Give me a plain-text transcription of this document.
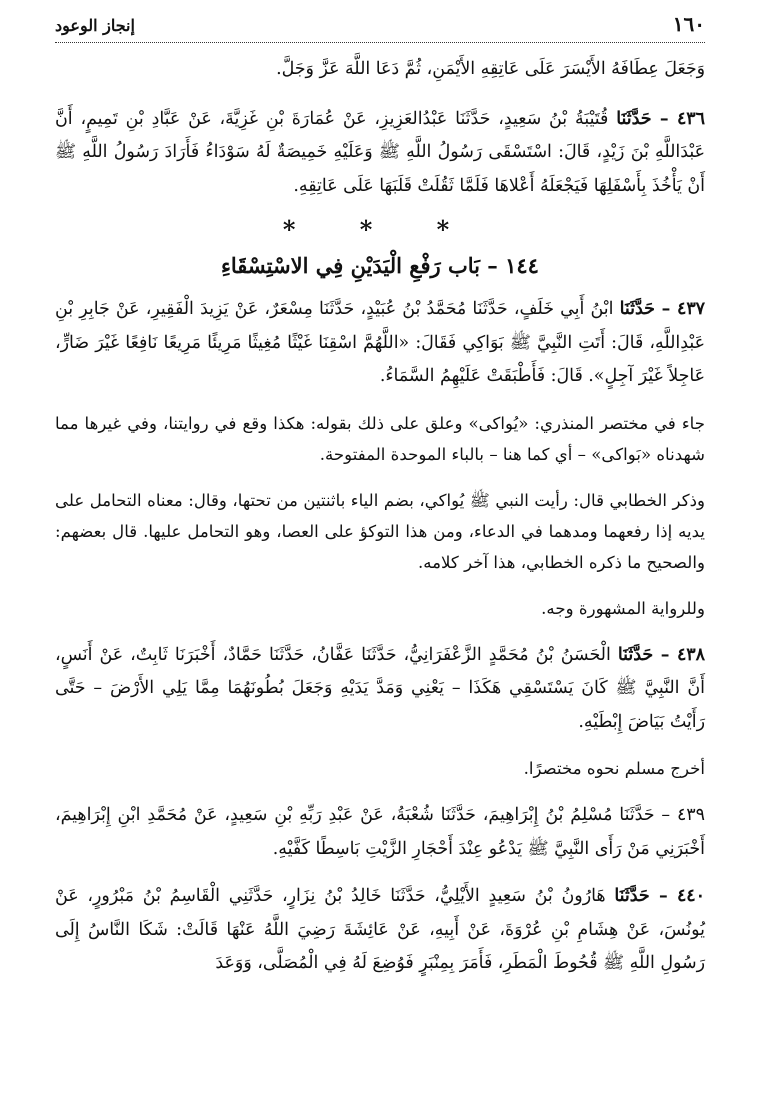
١٦٠
إنجاز الوعود

وَجَعَلَ عِطَافَهُ الأَيْسَرَ عَلَى عَاتِقِهِ الأَيْمَنِ، ثُمَّ دَعَا اللَّهَ عَزَّ وَجَلَّ.

٤٣٦ – حَدَّثَنَا قُتَيْبَةُ بْنُ سَعِيدٍ، حَدَّثَنَا عَبْدُالعَزِيزِ، عَنْ عُمَارَةَ بْنِ غَزِيَّةَ، عَنْ عَبَّادِ بْنِ تَمِيمٍ، أَنَّ عَبْدَاللَّهِ بْنَ زَيْدٍ، قَالَ: اسْتَسْقَى رَسُولُ اللَّهِ ﷺ وَعَلَيْهِ خَمِيصَةٌ لَهُ سَوْدَاءُ فَأَرَادَ رَسُولُ اللَّهِ ﷺ أَنْ يَأْخُذَ بِأَسْفَلِهَا فَيَجْعَلَهُ أَعْلاهَا فَلَمَّا ثَقُلَتْ قَلَبَهَا عَلَى عَاتِقِهِ.

* * *
١٤٤ – بَاب رَفْعِ الْيَدَيْنِ فِي الاسْتِسْقَاءِ

٤٣٧ – حَدَّثَنَا ابْنُ أَبِي خَلَفٍ، حَدَّثَنَا مُحَمَّدُ بْنُ عُبَيْدٍ، حَدَّثَنَا مِسْعَرٌ، عَنْ يَزِيدَ الْفَقِيرِ، عَنْ جَابِرِ بْنِ عَبْدِاللَّهِ، قَالَ: أَتَتِ النَّبِيَّ ﷺ بَوَاكِي فَقَالَ: «اللَّهُمَّ اسْقِنَا غَيْثًا مُغِيثًا مَرِيئًا مَرِيعًا نَافِعًا غَيْرَ ضَارٍّ، عَاجِلاً غَيْرَ آجِلٍ». قَالَ: فَأَطْبَقَتْ عَلَيْهِمُ السَّمَاءُ.

جاء في مختصر المنذري: «يُواكى» وعلق على ذلك بقوله: هكذا وقع في روايتنا، وفي غيرها مما شهدناه «بَواكى» – أي كما هنا – بالباء الموحدة المفتوحة.

وذكر الخطابي قال: رأيت النبي ﷺ يُواكي، بضم الياء باثنتين من تحتها، وقال: معناه التحامل على يديه إذا رفعهما ومدهما في الدعاء، ومن هذا التوكؤ على العصا، وهو التحامل عليها. قال بعضهم: والصحيح ما ذكره الخطابي، هذا آخر كلامه.

وللرواية المشهورة وجه.

٤٣٨ – حَدَّثَنَا الْحَسَنُ بْنُ مُحَمَّدٍ الزَّعْفَرَانِيُّ، حَدَّثَنَا عَفَّانُ، حَدَّثَنَا حَمَّادٌ، أَخْبَرَنَا ثَابِتٌ، عَنْ أَنَسٍ، أَنَّ النَّبِيَّ ﷺ كَانَ يَسْتَسْقِي هَكَذَا – يَعْنِي وَمَدَّ يَدَيْهِ وَجَعَلَ بُطُونَهُمَا مِمَّا يَلِي الأَرْضَ – حَتَّى رَأَيْتُ بَيَاضَ إِبْطَيْهِ.

أخرج مسلم نحوه مختصرًا.

٤٣٩ – حَدَّثَنَا مُسْلِمُ بْنُ إِبْرَاهِيمَ، حَدَّثَنَا شُعْبَةُ، عَنْ عَبْدِ رَبِّهِ بْنِ سَعِيدٍ، عَنْ مُحَمَّدِ ابْنِ إِبْرَاهِيمَ، أَخْبَرَنِي مَنْ رَأَى النَّبِيَّ ﷺ يَدْعُو عِنْدَ أَحْجَارِ الزَّيْتِ بَاسِطًا كَفَّيْهِ.

٤٤٠ – حَدَّثَنَا هَارُونُ بْنُ سَعِيدٍ الأَيْلِيُّ، حَدَّثَنَا خَالِدُ بْنُ نِزَارٍ، حَدَّثَنِي الْقَاسِمُ بْنُ مَبْرُورٍ، عَنْ يُونُسَ، عَنْ هِشَامِ بْنِ عُرْوَةَ، عَنْ أَبِيهِ، عَنْ عَائِشَةَ رَضِيَ اللَّهُ عَنْهَا قَالَتْ: شَكَا النَّاسُ إِلَى رَسُولِ اللَّهِ ﷺ قُحُوطَ الْمَطَرِ، فَأَمَرَ بِمِنْبَرٍ فَوُضِعَ لَهُ فِي الْمُصَلَّى، وَوَعَدَ
